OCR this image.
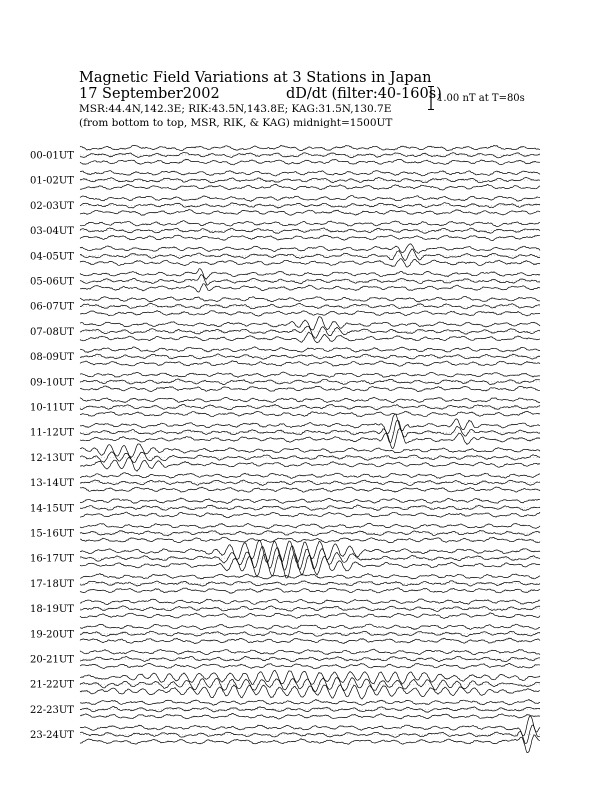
Magnetic Field Variations at 3 Stations in Japan
17 September2002	dD/dt (filter:40-160s)
MSR:44.4N,142.3E; RIK:43.5N,143.8E; KAG:31.5N,130.7E
(from bottom to top, MSR, RIK, & KAG) midnight=1500UT
1.00 nT at T=80s
00-01UT
01-02UT
02-03UT
03-04UT
04-05UT
05-06UT
06-07UT
07-08UT
08-09UT
09-10UT
10-11UT
11-12UT
12-13UT
13-14UT
14-15UT
15-16UT
16-17UT
17-18UT
18-19UT
19-20UT
20-21UT
21-22UT
22-23UT
23-24UT
